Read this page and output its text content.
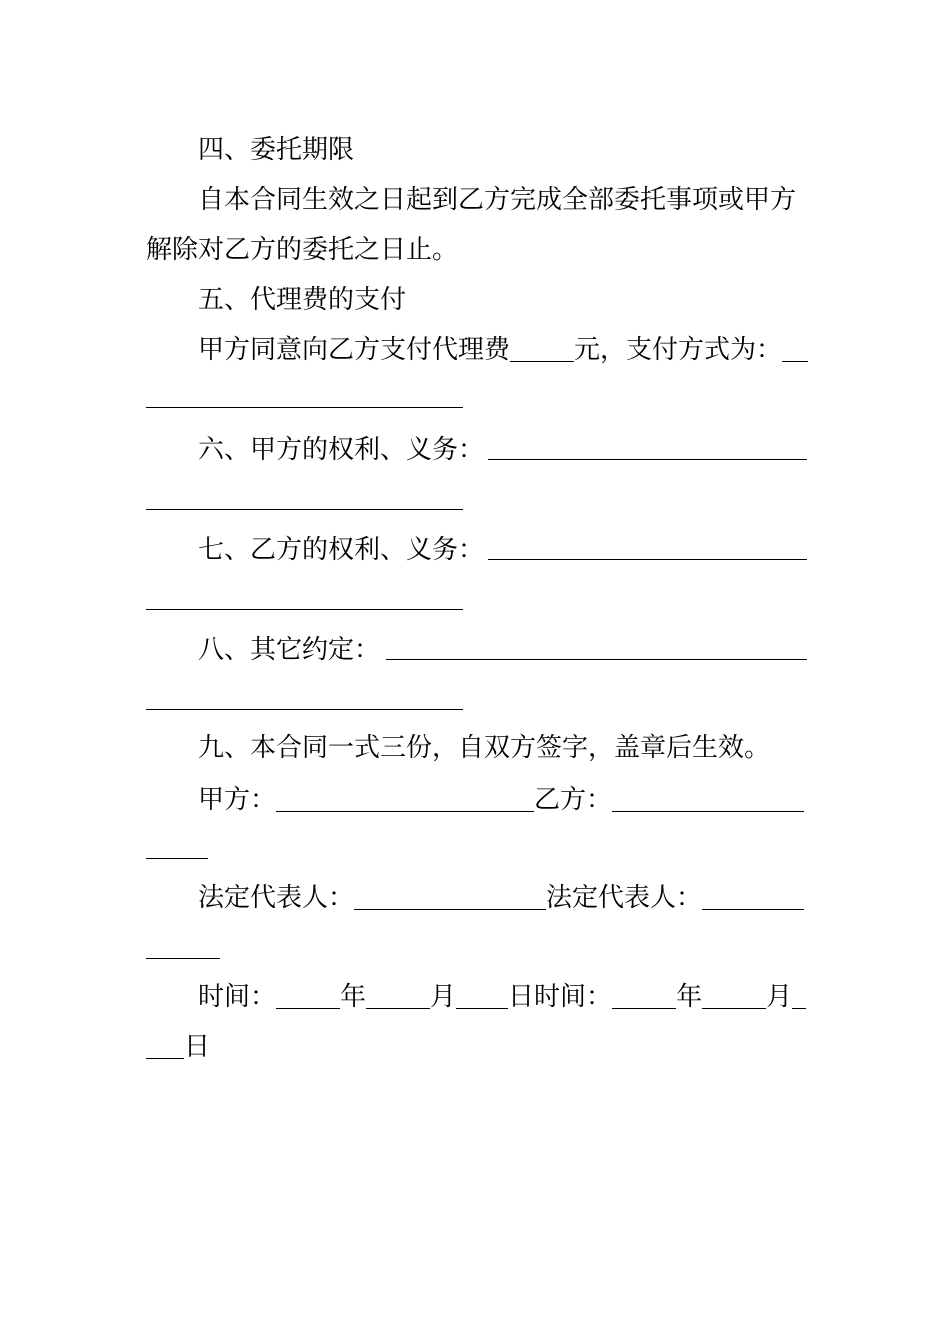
四、委托期限
自本合同生效之日起到乙方完成全部委托事项或甲方
解除对乙方的委托之日止。
五、代理费的支付
甲方同意向乙方支付代理费 元，支付方式为：
六、甲方的权利、义务：
七、乙方的权利、义务：
八、其它约定：
九、本合同一式三份，自双方签字，盖章后生效。
甲方：	乙方：
法定代表人：	法定代表人：
时间： 年 月 日时间： 年 月
日
